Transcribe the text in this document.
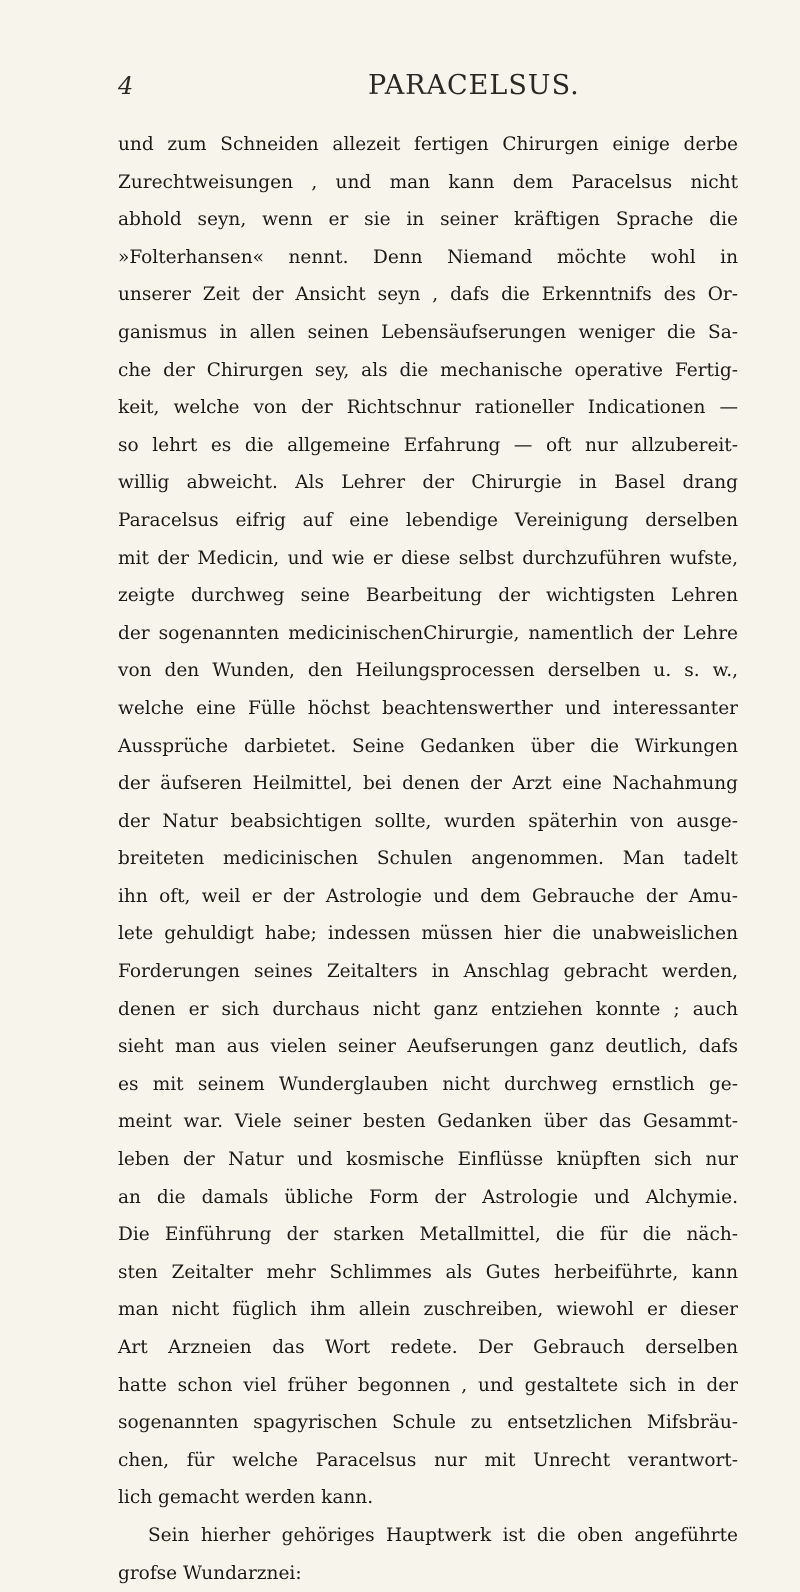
4	PARACELSUS.
und zum Schneiden allezeit fertigen Chirurgen einige derbe
Zurechtweisungen , und man kann dem Paracelsus nicht
abhold seyn, wenn er sie in seiner kräftigen Sprache die
»Folterhansen« nennt. Denn Niemand möchte wohl in
unserer Zeit der Ansicht seyn , dafs die Erkenntnifs des Or-
ganismus in allen seinen Lebensäufserungen weniger die Sa-
che der Chirurgen sey, als die mechanische operative Fertig-
keit, welche von der Richtschnur rationeller Indicationen —
so lehrt es die allgemeine Erfahrung — oft nur allzubereit-
willig abweicht. Als Lehrer der Chirurgie in Basel drang
Paracelsus eifrig auf eine lebendige Vereinigung derselben
mit der Medicin, und wie er diese selbst durchzuführen wufste,
zeigte durchweg seine Bearbeitung der wichtigsten Lehren
der sogenannten medicinischenChirurgie, namentlich der Lehre
von den Wunden, den Heilungsprocessen derselben u. s. w.,
welche eine Fülle höchst beachtenswerther und interessanter
Aussprüche darbietet. Seine Gedanken über die Wirkungen
der äufseren Heilmittel, bei denen der Arzt eine Nachahmung
der Natur beabsichtigen sollte, wurden späterhin von ausge-
breiteten medicinischen Schulen angenommen. Man tadelt
ihn oft, weil er der Astrologie und dem Gebrauche der Amu-
lete gehuldigt habe; indessen müssen hier die unabweislichen
Forderungen seines Zeitalters in Anschlag gebracht werden,
denen er sich durchaus nicht ganz entziehen konnte ; auch
sieht man aus vielen seiner Aeufserungen ganz deutlich, dafs
es mit seinem Wunderglauben nicht durchweg ernstlich ge-
meint war. Viele seiner besten Gedanken über das Gesammt-
leben der Natur und kosmische Einflüsse knüpften sich nur
an die damals übliche Form der Astrologie und Alchymie.
Die Einführung der starken Metallmittel, die für die näch-
sten Zeitalter mehr Schlimmes als Gutes herbeiführte, kann
man nicht füglich ihm allein zuschreiben, wiewohl er dieser
Art Arzneien das Wort redete. Der Gebrauch derselben
hatte schon viel früher begonnen , und gestaltete sich in der
sogenannten spagyrischen Schule zu entsetzlichen Mifsbräu-
chen, für welche Paracelsus nur mit Unrecht verantwort-
lich gemacht werden kann.
Sein hierher gehöriges Hauptwerk ist die oben angeführte
grofse Wundarzneі:
